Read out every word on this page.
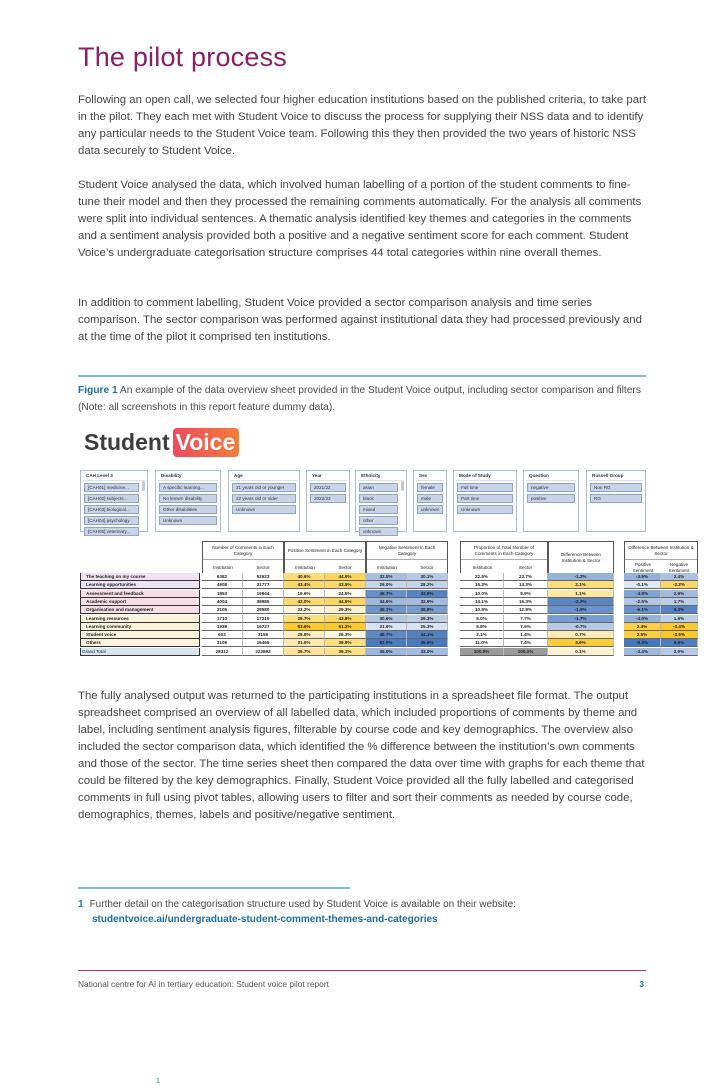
The pilot process

Following an open call, we selected four higher education institutions based on the published criteria, to take part in the pilot. They each met with Student Voice to discuss the process for supplying their NSS data and to identify any particular needs to the Student Voice team. Following this they then provided the two years of historic NSS data securely to Student Voice.

Student Voice analysed the data, which involved human labelling of a portion of the student comments to fine-tune their model and then they processed the remaining comments automatically. For the analysis all comments were split into individual sentences. A thematic analysis identified key themes and categories in the comments and a sentiment analysis provided both a positive and a negative sentiment score for each comment. Student Voice’s undergraduate categorisation structure comprises 44 total categories within nine overall themes.
1

In addition to comment labelling, Student Voice provided a sector comparison analysis and time series comparison. The sector comparison was performed against institutional data they had processed previously and at the time of the pilot it comprised ten institutions.

Figure 1 An example of the data overview sheet provided in the Student Voice output, including sector comparison and filters (Note: all screenshots in this report feature dummy data).

Student Voice
CAH Level 3
[CAH01] medicine...
[CAH02] subjects...
[CAH03] biological...
[CAH04] psychology
[CAH05] veterinary...
Disability
A specific learning...
No known disability
Other disabilities
Unknown
Age
21 years old or younger
22 years old or older
Unknown
Year
2021/22
2022/23
Ethnicity
asian
black
mixed
other
unknown
Sex
female
male
unknown
Mode of Study
Full time
Part time
Unknown
Question
negative
positive
Russell Group
Non RG
RG
Number of Comments in Each Category
Institution	Sector
Positive Sentiment in Each Category
Institution	Sector
Negative Sentiment in Each Category
Institution	Sector
Proportion of Total Number of Comments in Each Category
Institution	Sector
Difference Between Institution & Sector
Difference Between Institution & Sector
Positive Sentiment
Negative Sentiment
The teaching on my course	6382	52623	40.6%	44.9%	32.5%	30.1%	22.5%	23.7%	-1.2%	-3.9%	2.4%
Learning opportunities	4608	31777	43.4%	43.5%	26.0%	28.2%	16.3%	14.3%	2.1%	-0.1%	-2.2%
Assessment and feedback	1853	19944	19.6%	24.5%	46.7%	43.8%	10.0%	8.9%	1.1%	-4.9%	2.9%
Academic support	4004	38985	42.0%	44.5%	34.6%	32.9%	14.1%	16.3%	-2.2%	-2.5%	1.7%
Organisation and management	3105	28580	23.2%	29.3%	45.1%	38.8%	10.9%	12.8%	-1.9%	-6.1%	6.3%
Learning resources	1710	17210	39.7%	43.8%	30.6%	29.3%	6.0%	7.7%	-1.7%	-4.0%	1.6%
Learning community	1938	16727	53.6%	51.2%	21.6%	25.3%	6.8%	7.5%	-0.7%	2.4%	-3.4%
Student voice	603	3159	28.8%	26.3%	48.7%	44.1%	2.1%	1.4%	0.7%	2.5%	-3.5%
Others	3109	16465	31.6%	39.9%	53.0%	45.6%	11.0%	7.4%	3.6%	-8.3%	6.6%
Grand Total	28312	222892	35.7%	39.1%	35.0%	33.0%	100.0%	100.0%	0.1%	-3.4%	2.0%

The fully analysed output was returned to the participating institutions in a spreadsheet file format. The output spreadsheet comprised an overview of all labelled data, which included proportions of comments by theme and label, including sentiment analysis figures, filterable by course code and key demographics. The overview also included the sector comparison data, which identified the % difference between the institution’s own comments and those of the sector. The time series sheet then compared the data over time with graphs for each theme that could be filtered by the key demographics. Finally, Student Voice provided all the fully labelled and categorised comments in full using pivot tables, allowing users to filter and sort their comments as needed by course code, demographics, themes, labels and positive/negative sentiment.

1 Further detail on the categorisation structure used by Student Voice is available on their website:
studentvoice.ai/undergraduate-student-comment-themes-and-categories
National centre for AI in tertiary education: Student voice pilot report	3
